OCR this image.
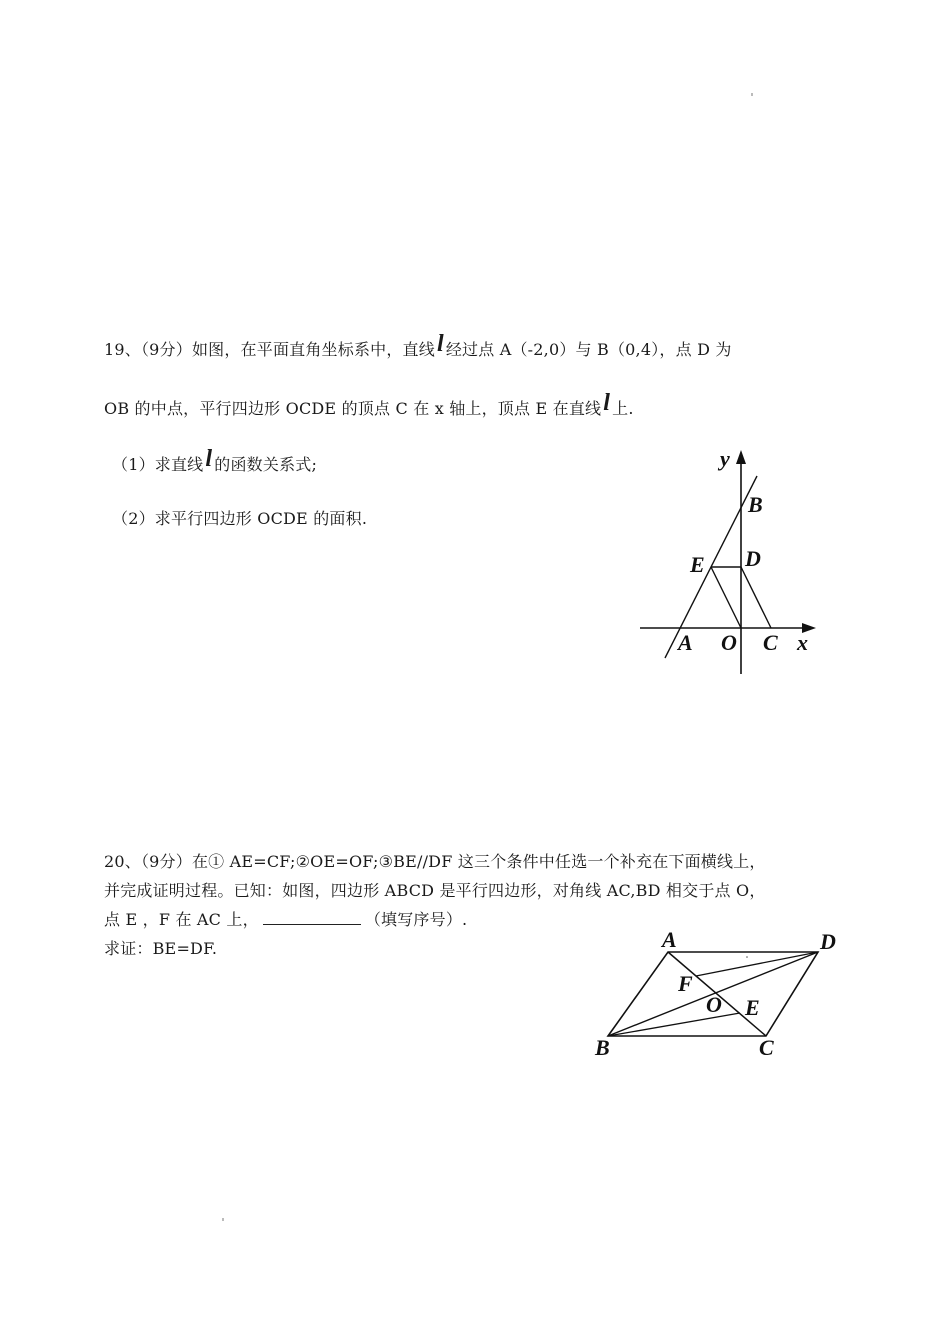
19、（9分）如图，在平面直角坐标系中，直线l 经过点 A（-2,0）与 B（0,4），点 D 为
OB 的中点，平行四边形 OCDE 的顶点 C 在 x 轴上，顶点 E 在直线l 上.
（1）求直线l 的函数关系式;
（2）求平行四边形 OCDE 的面积.
y
B
D
E
A O C x
20、（9分）在① AE=CF;②OE=OF;③BE//DF 这三个条件中任选一个补充在下面横线上，
并完成证明过程。已知：如图，四边形 ABCD 是平行四边形，对角线 AC,BD 相交于点 O，
点 E ，F 在 AC 上，	（填写序号）.
求证：BE=DF.	A	D
F
O E
B	C
